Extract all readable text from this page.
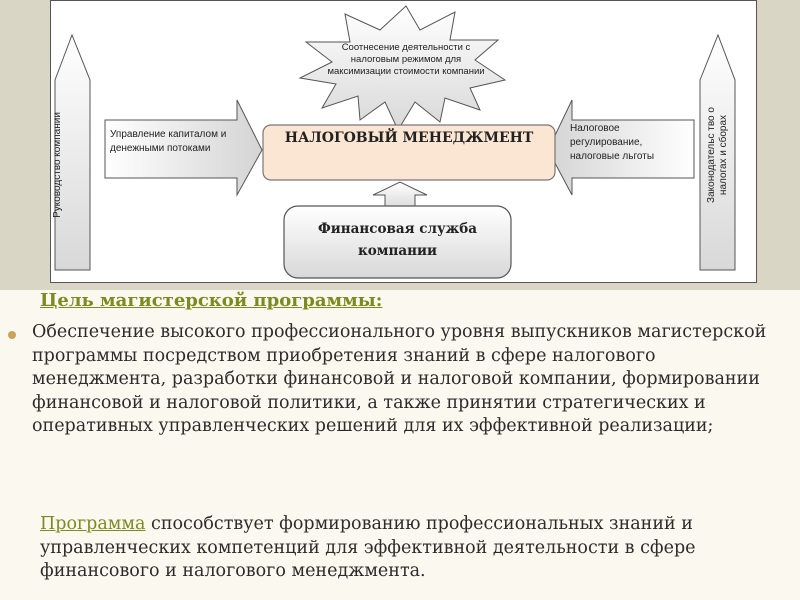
Соотнесение деятельности с налоговым режимом для максимизации стоимости компании
Руководство компании	Законодательс тво о налогах и сборах
Управление капиталом и денежными потоками
Налоговое регулирование, налоговые льготы
НАЛОГОВЫЙ МЕНЕДЖМЕНТ
Финансовая служба компании
Цель магистерской программы:
Обеспечение высокого профессионального уровня выпускников магистерской программы посредством приобретения знаний в сфере налогового менеджмента, разработки финансовой и налоговой компании, формировании финансовой и налоговой политики, а также принятии стратегических и оперативных управленческих решений для их эффективной реализации;
Программа способствует формированию профессиональных знаний и управленческих компетенций для эффективной деятельности в сфере финансового и налогового менеджмента.
